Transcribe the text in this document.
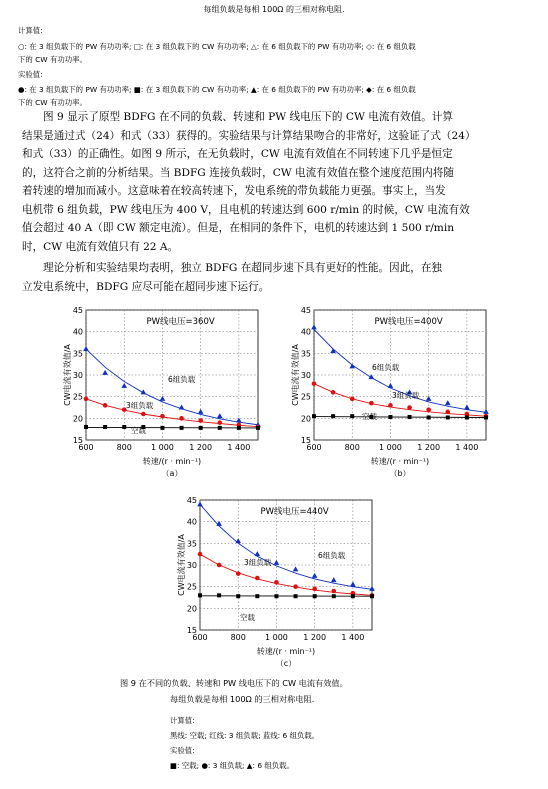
每组负载是每相 100Ω 的三相对称电阻.
计算值:
○: 在 3 组负载下的 PW 有功功率; □: 在 3 组负载下的 CW 有功功率; △: 在 6 组负载下的 PW 有功功率; ◇: 在 6 组负载
下的 CW 有功功率。
实验值:
●: 在 3 组负载下的 PW 有功功率; ■: 在 3 组负载下的 CW 有功功率; ▲: 在 6 组负载下的 PW 有功功率; ◆: 在 6 组负载
下的 CW 有功功率。
图 9 显示了原型 BDFG 在不同的负载、转速和 PW 线电压下的 CW 电流有效值。计算
结果是通过式（24）和式（33）获得的。实验结果与计算结果吻合的非常好，这验证了式（24）
和式（33）的正确性。如图 9 所示，在无负载时，CW 电流有效值在不同转速下几乎是恒定
的，这符合之前的分析结果。当 BDFG 连接负载时，CW 电流有效值在整个速度范围内将随
着转速的增加而减小。这意味着在较高转速下，发电系统的带负载能力更强。事实上，当发
电机带 6 组负载，PW 线电压为 400 V，且电机的转速达到 600 r/min 的时候，CW 电流有效
值会超过 40 A（即 CW 额定电流）。但是，在相同的条件下，电机的转速达到 1 500 r/min
时，CW 电流有效值只有 22 A。
理论分析和实验结果均表明，独立 BDFG 在超同步速下具有更好的性能。因此，在独
立发电系统中，BDFG 应尽可能在超同步速下运行。
15
20
25
30
35
40
45
600	800 1 000 1 200 1 400
PW线电压=360V
6组负载
3组负载
空载
CW电流有效值/A
转速/(r · min⁻¹)
（a）
15
20
25
30
35
40
45
600	800 1 000 1 200 1 400
PW线电压=400V
6组负载
3组负载
空载
CW电流有效值/A
转速/(r · min⁻¹)
（b）
15
20
25
30
35
40
45
600	800 1 000 1 200 1 400
PW线电压=440V
6组负载
3组负载
空载
CW电流有效值/A
转速/(r · min⁻¹)
（c）
图 9 在不同的负载、转速和 PW 线电压下的 CW 电流有效值。
每组负载是每相 100Ω 的三相对称电阻.
计算值:
黑线: 空载; 红线: 3 组负载; 蓝线: 6 组负载。
实验值:
■: 空载; ●: 3 组负载; ▲: 6 组负载。
